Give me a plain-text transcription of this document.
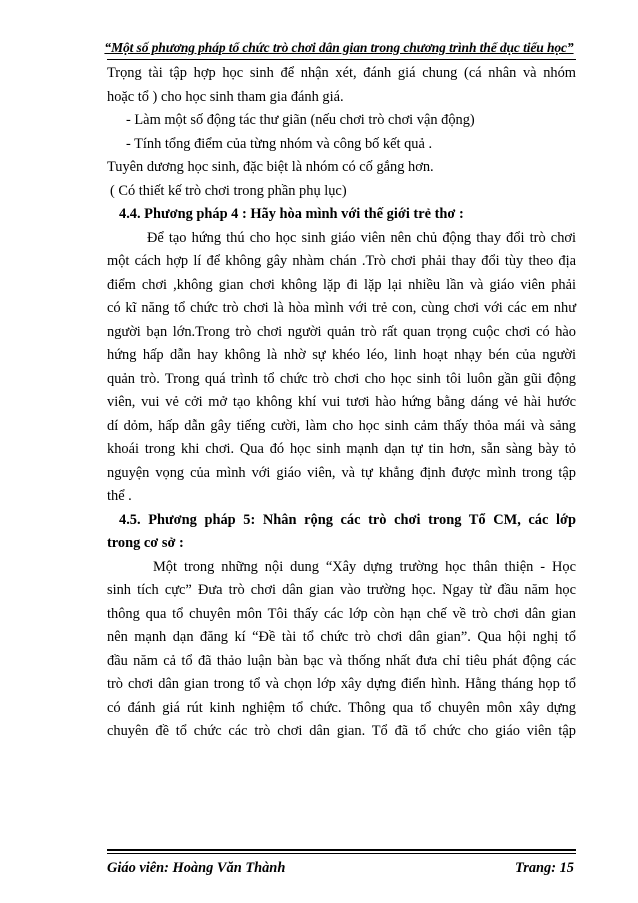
“Một số phương pháp tổ chức trò chơi dân gian trong chương trình thể dục tiểu học”

Trọng tài tập hợp học sinh để nhận xét, đánh giá chung (cá nhân và nhóm

hoặc tổ ) cho học sinh tham gia đánh giá.

- Làm một số động tác thư giãn (nếu chơi trò chơi vận động)

- Tính tổng điểm của từng nhóm và công bố kết quả .

Tuyên dương học sinh, đặc biệt là nhóm có cố gắng hơn.

( Có thiết kế trò chơi trong phần phụ lục)

4.4. Phương pháp 4 : Hãy hòa mình với thế giới trẻ thơ :

Để tạo hứng thú cho học sinh giáo viên nên chủ động thay đổi trò chơi

một cách hợp lí để không gây nhàm chán .Trò chơi phải thay đổi tùy theo địa

điểm chơi ,không gian chơi không lặp đi lặp lại nhiều lần và giáo viên phải

có kĩ năng tổ chức trò chơi là hòa mình với trẻ con, cùng chơi với các em như

người bạn lớn.Trong trò chơi người quản trò rất quan trọng cuộc chơi có hào

hứng hấp dẫn hay không là nhờ sự khéo léo, linh hoạt nhạy bén của người

quản trò. Trong quá trình tổ chức trò chơi cho học sinh tôi luôn gần gũi động

viên, vui vẻ cởi mở tạo không khí vui tươi hào hứng bằng dáng vẻ hài hước

dí dỏm, hấp dẫn gây tiếng cười, làm cho học sinh cảm thấy thỏa mái và sảng

khoái trong khi chơi. Qua đó học sinh mạnh dạn tự tin hơn, sẵn sàng bày tỏ

nguyện vọng của mình với giáo viên, và tự khẳng định được mình trong tập

thể .

4.5. Phương pháp 5: Nhân rộng các trò chơi trong Tổ CM, các lớp

trong cơ sở :

Một trong những nội dung “Xây dựng trường học thân thiện - Học

sinh tích cực” Đưa trò chơi dân gian vào trường học. Ngay từ đầu năm học

thông qua tổ chuyên môn Tôi thấy các lớp còn hạn chế về trò chơi dân gian

nên mạnh dạn đăng kí “Đề tài tổ chức trò chơi dân gian”. Qua hội nghị tổ

đầu năm cả tổ đã thảo luận bàn bạc và thống nhất đưa chỉ tiêu phát động các

trò chơi dân gian trong tổ và chọn lớp xây dựng điển hình. Hằng tháng họp tổ

có đánh giá rút kinh nghiệm tổ chức. Thông qua tổ chuyên môn xây dựng

chuyên đề tổ chức các trò chơi dân gian. Tổ đã tổ chức cho giáo viên tập

Giáo viên: Hoàng Văn Thành	Trang: 15
